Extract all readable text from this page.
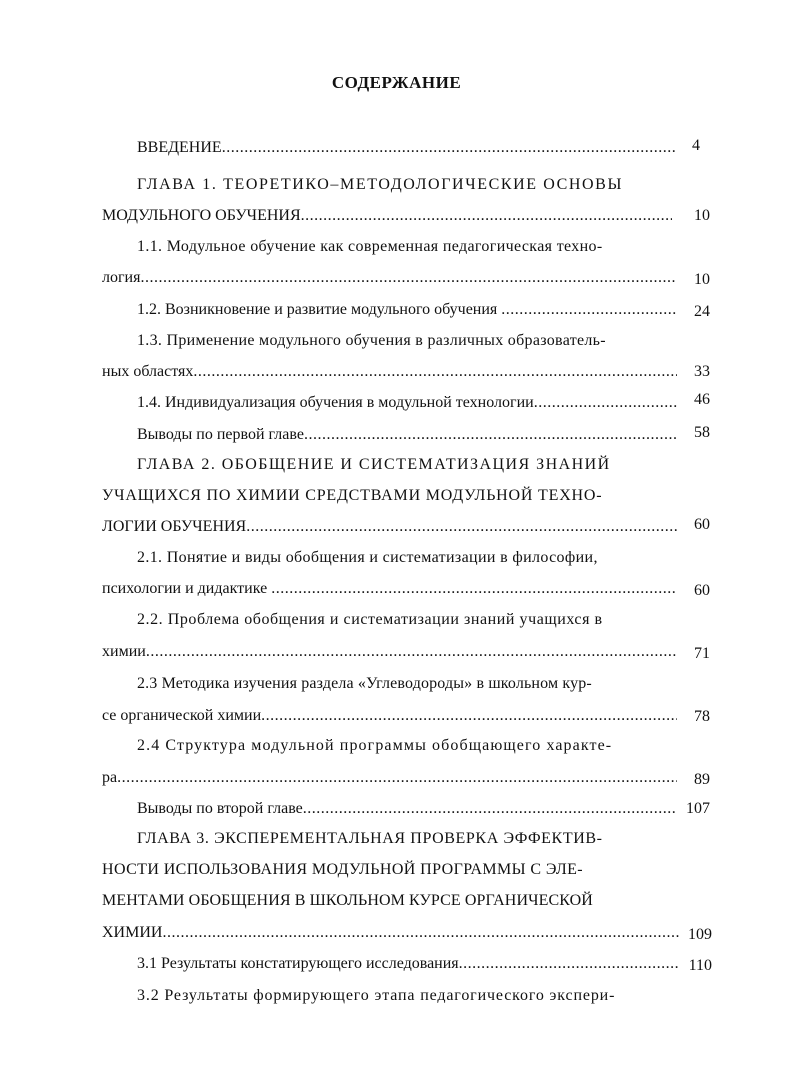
СОДЕРЖАНИЕ
ВВЕДЕНИЕ .....	4
ГЛАВА 1. ТЕОРЕТИКО–МЕТОДОЛОГИЧЕСКИЕ ОСНОВЫ
МОДУЛЬНОГО ОБУЧЕНИЯ .....	10
1.1. Модульное обучение как современная педагогическая техно-
логия .....	10
1.2. Возникновение и развитие модульного обучения .....	24
1.3. Применение модульного обучения в различных образователь-
ных областях .....	33
1.4. Индивидуализация обучения в модульной технологии .....	46
Выводы по первой главе .....	58
ГЛАВА 2. ОБОБЩЕНИЕ И СИСТЕМАТИЗАЦИЯ ЗНАНИЙ
УЧАЩИХСЯ ПО ХИМИИ СРЕДСТВАМИ МОДУЛЬНОЙ ТЕХНО-
ЛОГИИ ОБУЧЕНИЯ .....	60
2.1. Понятие и виды обобщения и систематизации в философии,
психологии и дидактике .....	60
2.2. Проблема обобщения и систематизации знаний учащихся в
химии .....	71
2.3 Методика изучения раздела «Углеводороды» в школьном кур-
се органической химии .....	78
2.4 Структура модульной программы обобщающего характе-
ра .....	89
Выводы по второй главе .....	107
ГЛАВА 3. ЭКСПЕРЕМЕНТАЛЬНАЯ ПРОВЕРКА ЭФФЕКТИВ-
НОСТИ ИСПОЛЬЗОВАНИЯ МОДУЛЬНОЙ ПРОГРАММЫ С ЭЛЕ-
МЕНТАМИ ОБОБЩЕНИЯ В ШКОЛЬНОМ КУРСЕ ОРГАНИЧЕСКОЙ
ХИМИИ .....	109
3.1 Результаты констатирующего исследования .....	110
3.2 Результаты формирующего этапа педагогического экспери-
